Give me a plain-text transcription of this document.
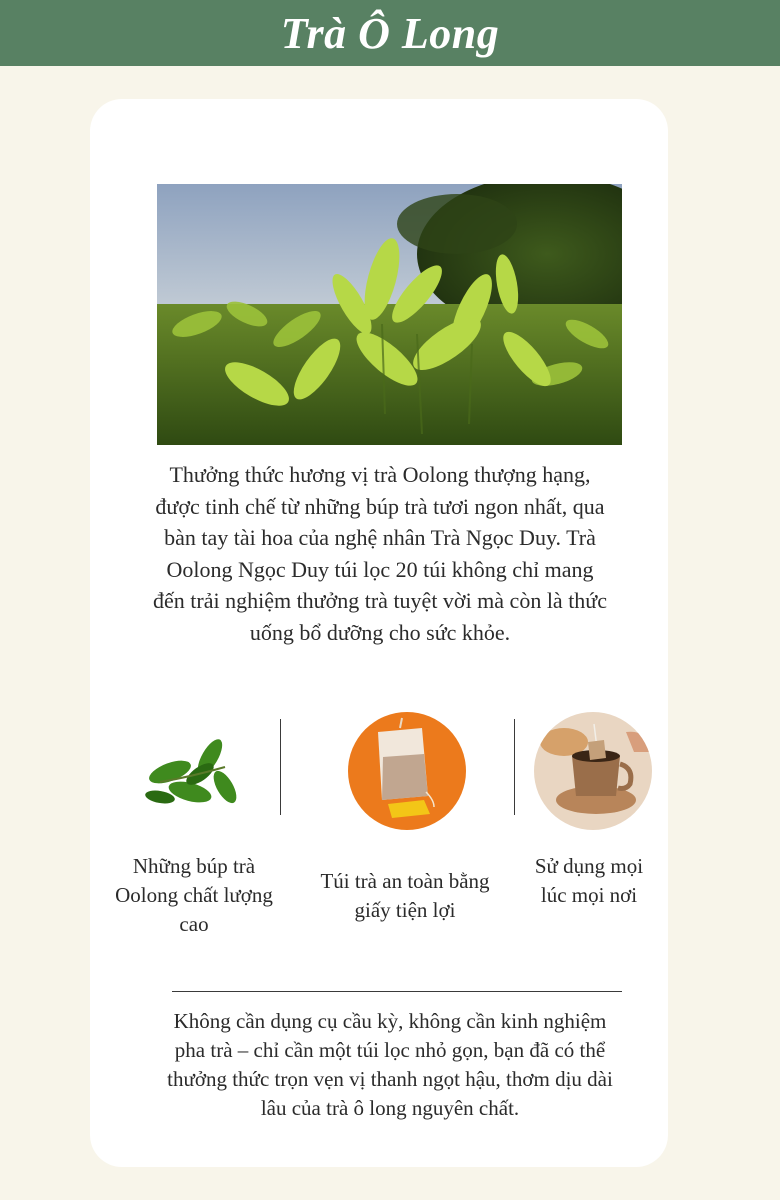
Trà Ô Long

Thưởng thức hương vị trà Oolong thượng hạng, được tinh chế từ những búp trà tươi ngon nhất, qua bàn tay tài hoa của nghệ nhân Trà Ngọc Duy. Trà Oolong Ngọc Duy túi lọc 20 túi không chỉ mang đến trải nghiệm thưởng trà tuyệt vời mà còn là thức uống bổ dưỡng cho sức khỏe.

Những búp trà Oolong chất lượng cao

Túi trà an toàn bằng giấy tiện lợi

Sử dụng mọi lúc mọi nơi

Không cần dụng cụ cầu kỳ, không cần kinh nghiệm pha trà – chỉ cần một túi lọc nhỏ gọn, bạn đã có thể thưởng thức trọn vẹn vị thanh ngọt hậu, thơm dịu dài lâu của trà ô long nguyên chất.
